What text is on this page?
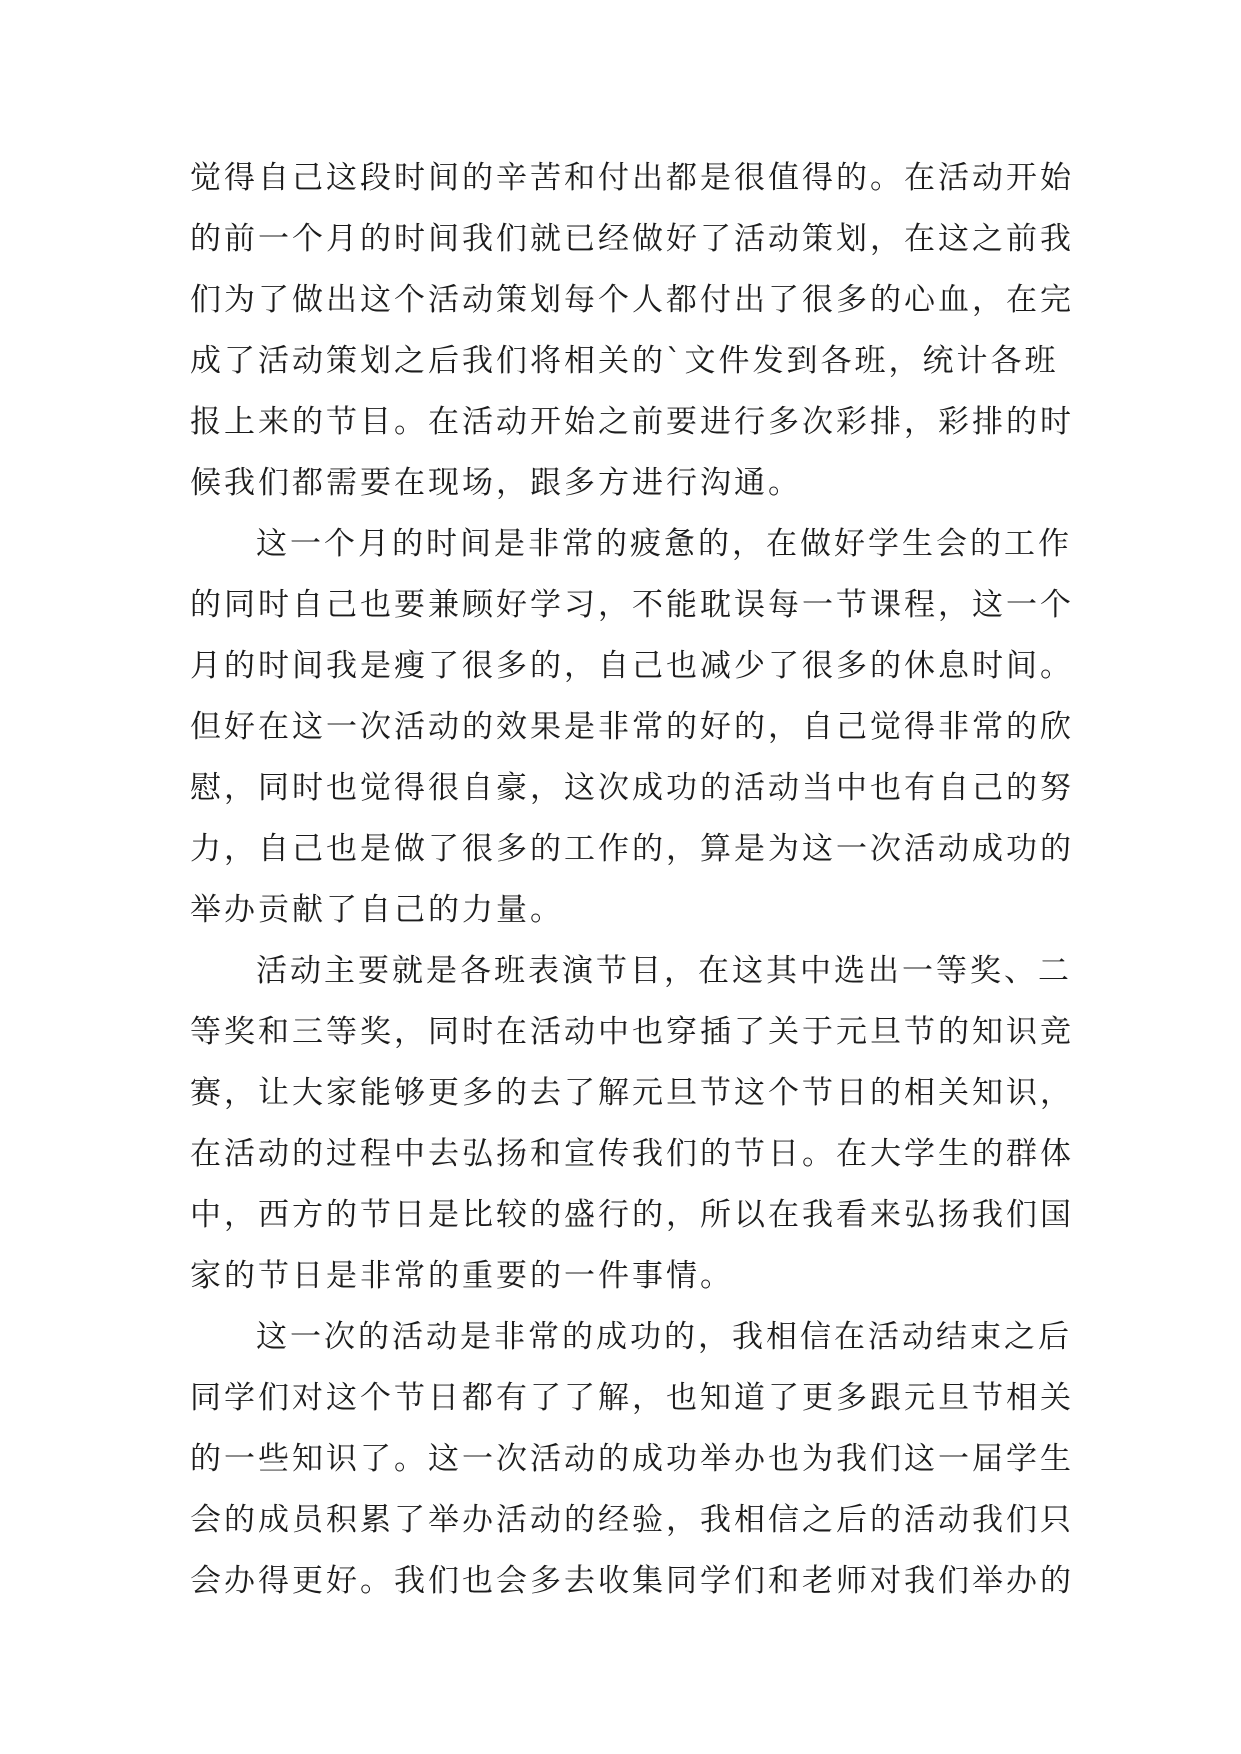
觉得自己这段时间的辛苦和付出都是很值得的。在活动开始
的前一个月的时间我们就已经做好了活动策划，在这之前我
们为了做出这个活动策划每个人都付出了很多的心血，在完
成了活动策划之后我们将相关的`文件发到各班，统计各班
报上来的节目。在活动开始之前要进行多次彩排，彩排的时
候我们都需要在现场，跟多方进行沟通。
这一个月的时间是非常的疲惫的，在做好学生会的工作
的同时自己也要兼顾好学习，不能耽误每一节课程，这一个
月的时间我是瘦了很多的，自己也减少了很多的休息时间。
但好在这一次活动的效果是非常的好的，自己觉得非常的欣
慰，同时也觉得很自豪，这次成功的活动当中也有自己的努
力，自己也是做了很多的工作的，算是为这一次活动成功的
举办贡献了自己的力量。
活动主要就是各班表演节目，在这其中选出一等奖、二
等奖和三等奖，同时在活动中也穿插了关于元旦节的知识竞
赛，让大家能够更多的去了解元旦节这个节日的相关知识，
在活动的过程中去弘扬和宣传我们的节日。在大学生的群体
中，西方的节日是比较的盛行的，所以在我看来弘扬我们国
家的节日是非常的重要的一件事情。
这一次的活动是非常的成功的，我相信在活动结束之后
同学们对这个节日都有了了解，也知道了更多跟元旦节相关
的一些知识了。这一次活动的成功举办也为我们这一届学生
会的成员积累了举办活动的经验，我相信之后的活动我们只
会办得更好。我们也会多去收集同学们和老师对我们举办的
